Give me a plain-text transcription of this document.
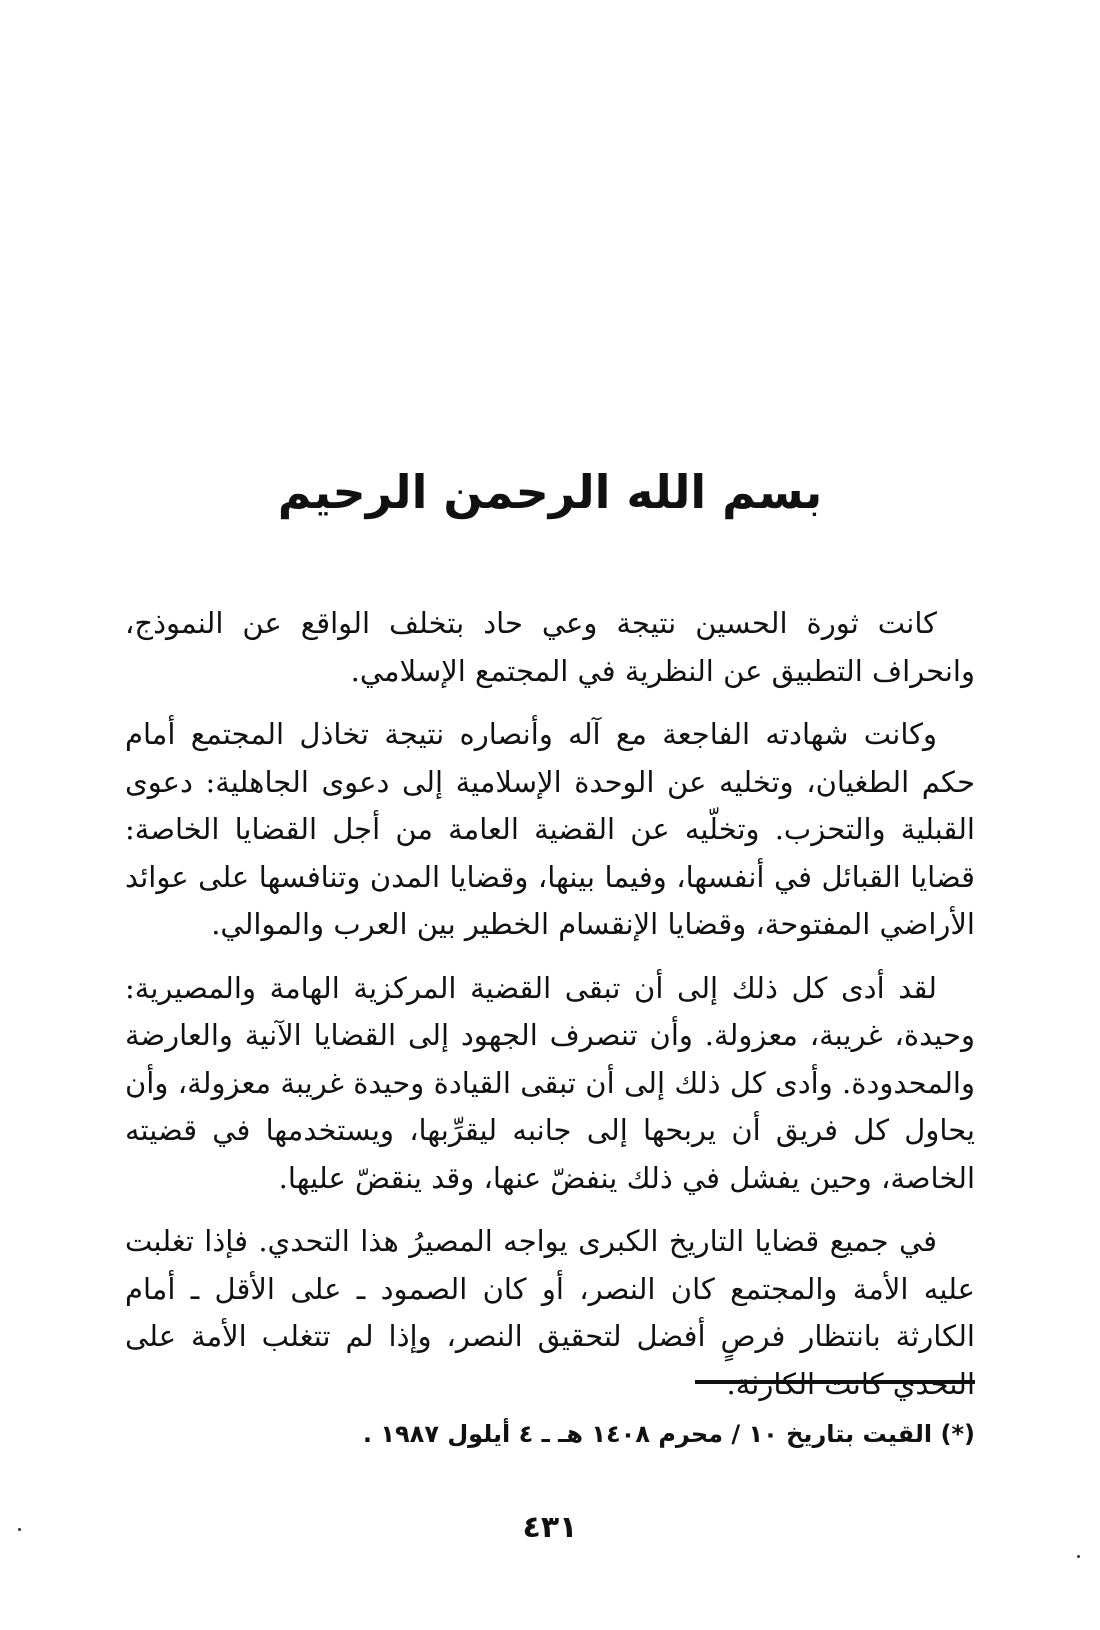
بسم الله الرحمن الرحيم

كانت ثورة الحسين نتيجة وعي حاد بتخلف الواقع عن النموذج، وانحراف التطبيق عن النظرية في المجتمع الإسلامي.

وكانت شهادته الفاجعة مع آله وأنصاره نتيجة تخاذل المجتمع أمام حكم الطغيان، وتخليه عن الوحدة الإسلامية إلى دعوى الجاهلية: دعوى القبلية والتحزب. وتخلّيه عن القضية العامة من أجل القضايا الخاصة: قضايا القبائل في أنفسها، وفيما بينها، وقضايا المدن وتنافسها على عوائد الأراضي المفتوحة، وقضايا الإنقسام الخطير بين العرب والموالي.

لقد أدى كل ذلك إلى أن تبقى القضية المركزية الهامة والمصيرية: وحيدة، غريبة، معزولة. وأن تنصرف الجهود إلى القضايا الآنية والعارضة والمحدودة. وأدى كل ذلك إلى أن تبقى القيادة وحيدة غريبة معزولة، وأن يحاول كل فريق أن يربحها إلى جانبه ليقرِّبها، ويستخدمها في قضيته الخاصة، وحين يفشل في ذلك ينفضّ عنها، وقد ينقضّ عليها.

في جميع قضايا التاريخ الكبرى يواجه المصيرُ هذا التحدي. فإذا تغلبت عليه الأمة والمجتمع كان النصر، أو كان الصمود ـ على الأقل ـ أمام الكارثة بانتظار فرصٍ أفضل لتحقيق النصر، وإذا لم تتغلب الأمة على

(*) القيت بتاريخ ١٠ / محرم ١٤٠٨ هـ ـ ٤ أيلول ١٩٨٧ .
٤٣١
